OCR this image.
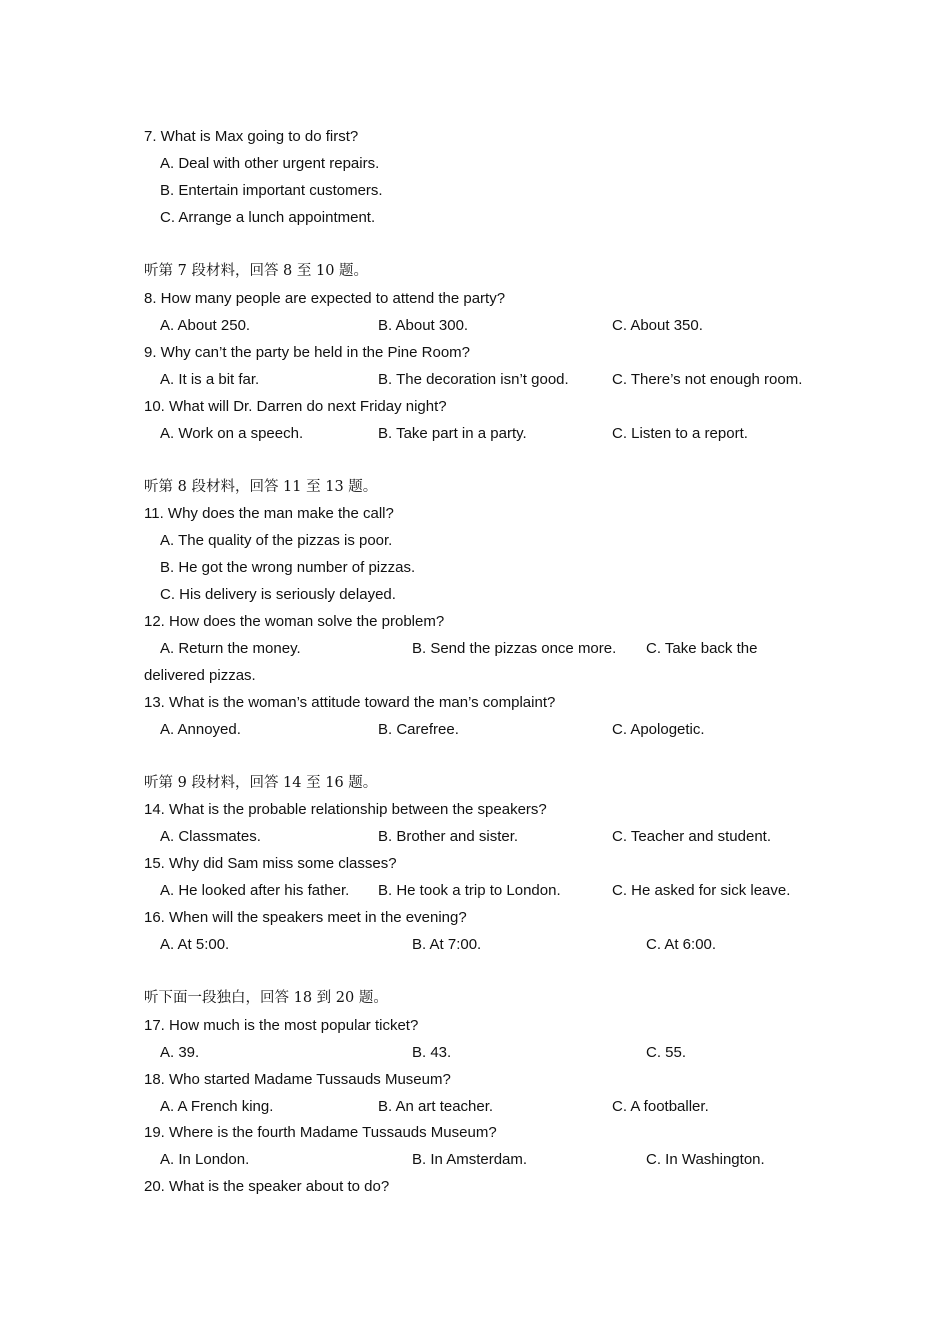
7. What is Max going to do first?
A. Deal with other urgent repairs.
B. Entertain important customers.
C. Arrange a lunch appointment.
听第 7 段材料，回答 8 至 10 题。
8. How many people are expected to attend the party?
A. About 250.	B. About 300.	C. About 350.
9. Why can’t the party be held in the Pine Room?
A. It is a bit far.	B. The decoration isn’t good.	C. There’s not enough room.
10. What will Dr. Darren do next Friday night?
A. Work on a speech.	B. Take part in a party.	C. Listen to a report.
听第 8 段材料，回答 11 至 13 题。
11. Why does the man make the call?
A. The quality of the pizzas is poor.
B. He got the wrong number of pizzas.
C. His delivery is seriously delayed.
12. How does the woman solve the problem?
A. Return the money.	B. Send the pizzas once more. C. Take back the
delivered pizzas.
13. What is the woman’s attitude toward the man’s complaint?
A. Annoyed.	B. Carefree.	C. Apologetic.
听第 9 段材料，回答 14 至 16 题。
14. What is the probable relationship between the speakers?
A. Classmates.	B. Brother and sister.	C. Teacher and student.
15. Why did Sam miss some classes?
A. He looked after his father. B. He took a trip to London.	C. He asked for sick leave.
16. When will the speakers meet in the evening?
A. At 5:00.	B. At 7:00.	C. At 6:00.
听下面一段独白，回答 18 到 20 题。
17. How much is the most popular ticket?
A. 39.	B. 43.	C. 55.
18. Who started Madame Tussauds Museum?
A. A French king.	B. An art teacher.	C. A footballer.
19. Where is the fourth Madame Tussauds Museum?
A. In London.	B. In Amsterdam.	C. In Washington.
20. What is the speaker about to do?
